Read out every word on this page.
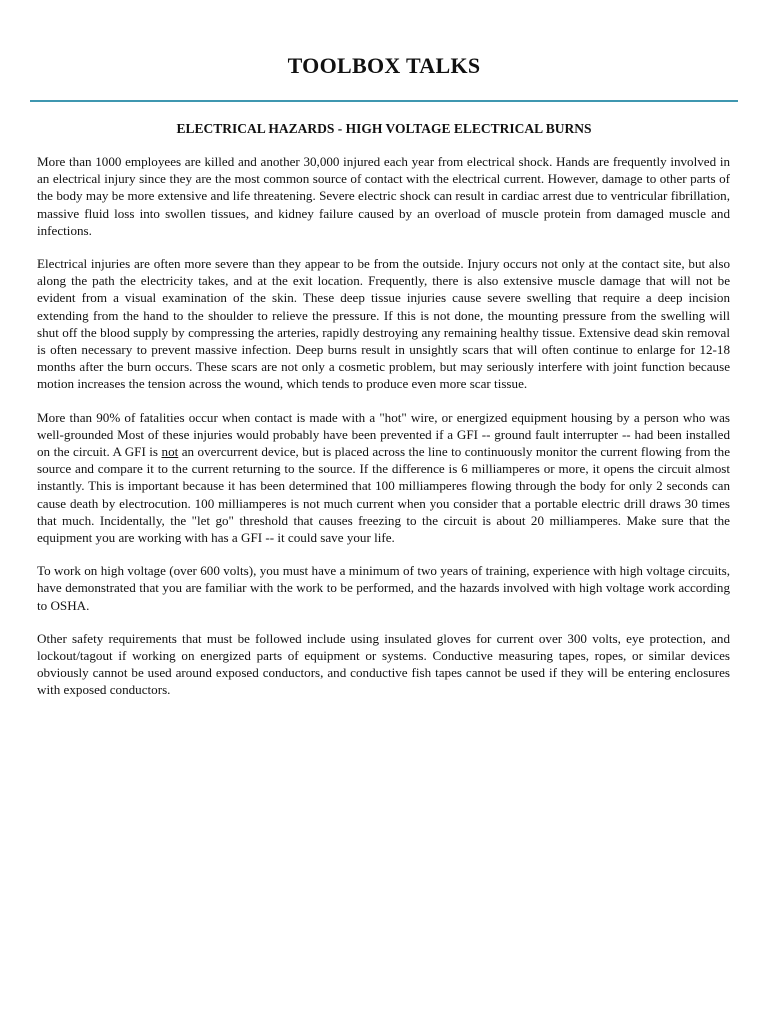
TOOLBOX TALKS
ELECTRICAL HAZARDS - HIGH VOLTAGE ELECTRICAL BURNS

More than 1000 employees are killed and another 30,000 injured each year from electrical shock. Hands are frequently involved in an electrical injury since they are the most common source of contact with the electrical current. However, damage to other parts of the body may be more extensive and life threatening. Severe electric shock can result in cardiac arrest due to ventricular fibrillation, massive fluid loss into swollen tissues, and kidney failure caused by an overload of muscle protein from damaged muscle and infections.

Electrical injuries are often more severe than they appear to be from the outside. Injury occurs not only at the contact site, but also along the path the electricity takes, and at the exit location. Frequently, there is also extensive muscle damage that will not be evident from a visual examination of the skin. These deep tissue injuries cause severe swelling that require a deep incision extending from the hand to the shoulder to relieve the pressure. If this is not done, the mounting pressure from the swelling will shut off the blood supply by compressing the arteries, rapidly destroying any remaining healthy tissue. Extensive dead skin removal is often necessary to prevent massive infection. Deep burns result in unsightly scars that will often continue to enlarge for 12-18 months after the burn occurs. These scars are not only a cosmetic problem, but may seriously interfere with joint function because motion increases the tension across the wound, which tends to produce even more scar tissue.

More than 90% of fatalities occur when contact is made with a "hot" wire, or energized equipment housing by a person who was well-grounded Most of these injuries would probably have been prevented if a GFI -- ground fault interrupter -- had been installed on the circuit. A GFI is not an overcurrent device, but is placed across the line to continuously monitor the current flowing from the source and compare it to the current returning to the source. If the difference is 6 milliamperes or more, it opens the circuit almost instantly. This is important because it has been determined that 100 milliamperes flowing through the body for only 2 seconds can cause death by electrocution. 100 milliamperes is not much current when you consider that a portable electric drill draws 30 times that much. Incidentally, the "let go" threshold that causes freezing to the circuit is about 20 milliamperes. Make sure that the equipment you are working with has a GFI -- it could save your life.

To work on high voltage (over 600 volts), you must have a minimum of two years of training, experience with high voltage circuits, have demonstrated that you are familiar with the work to be performed, and the hazards involved with high voltage work according to OSHA.

Other safety requirements that must be followed include using insulated gloves for current over 300 volts, eye protection, and lockout/tagout if working on energized parts of equipment or systems. Conductive measuring tapes, ropes, or similar devices obviously cannot be used around exposed conductors, and conductive fish tapes cannot be used if they will be entering enclosures with exposed conductors.
